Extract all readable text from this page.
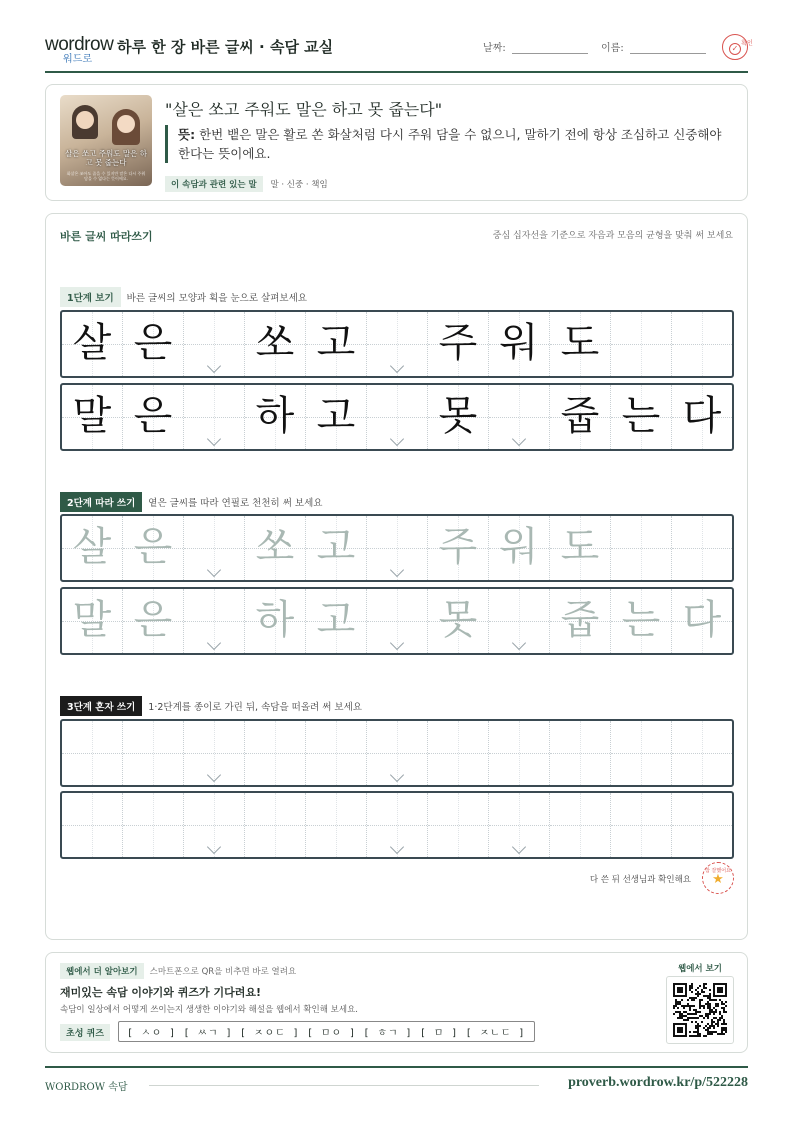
wordrow
워드로
하루 한 장 바른 글씨 · 속담 교실	날짜:	이름:	확인
✓
살은 쏘고 주워도 말은 하고 못 줍는다
화살은 쏘아도 줍을 수 있지만 말은 다시 주워담을 수 없다는 뜻이에요.
"살은 쏘고 주워도 말은 하고 못 줍는다"
뜻: 한번 뱉은 말은 활로 쏜 화살처럼 다시 주워 담을 수 없으니, 말하기 전에 항상 조심하고 신중해야 한다는 뜻이에요.
이 속담과 관련 있는 말 말 · 신중 · 책임
바른 글씨 따라쓰기	중심 십자선을 기준으로 자음과 모음의 균형을 맞춰 써 보세요
1단계 보기 바른 글씨의 모양과 획을 눈으로 살펴보세요
살 은 쏘 고 주 워 도
말 은 하 고 못 줍 는 다
2단계 따라 쓰기 옅은 글씨를 따라 연필로 천천히 써 보세요
살 은 쏘 고 주 워 도
말 은 하 고 못 줍 는 다
3단계 혼자 쓰기 1·2단계를 종이로 가린 뒤, 속담을 떠올려 써 보세요
다 쓴 뒤 선생님과 확인해요
참 잘했어요
★
웹에서 더 알아보기 스마트폰으로 QR을 비추면 바로 열려요
재미있는 속담 이야기와 퀴즈가 기다려요!
속담이 일상에서 어떻게 쓰이는지 생생한 이야기와 해설을 웹에서 확인해 보세요.
초성 퀴즈 [ ㅅㅇ ] [ ㅆㄱ ] [ ㅈㅇㄷ ] [ ㅁㅇ ] [ ㅎㄱ ] [ ㅁ ] [ ㅈㄴㄷ ]
웹에서 보기
WORDROW 속담	proverb.wordrow.kr/p/522228
